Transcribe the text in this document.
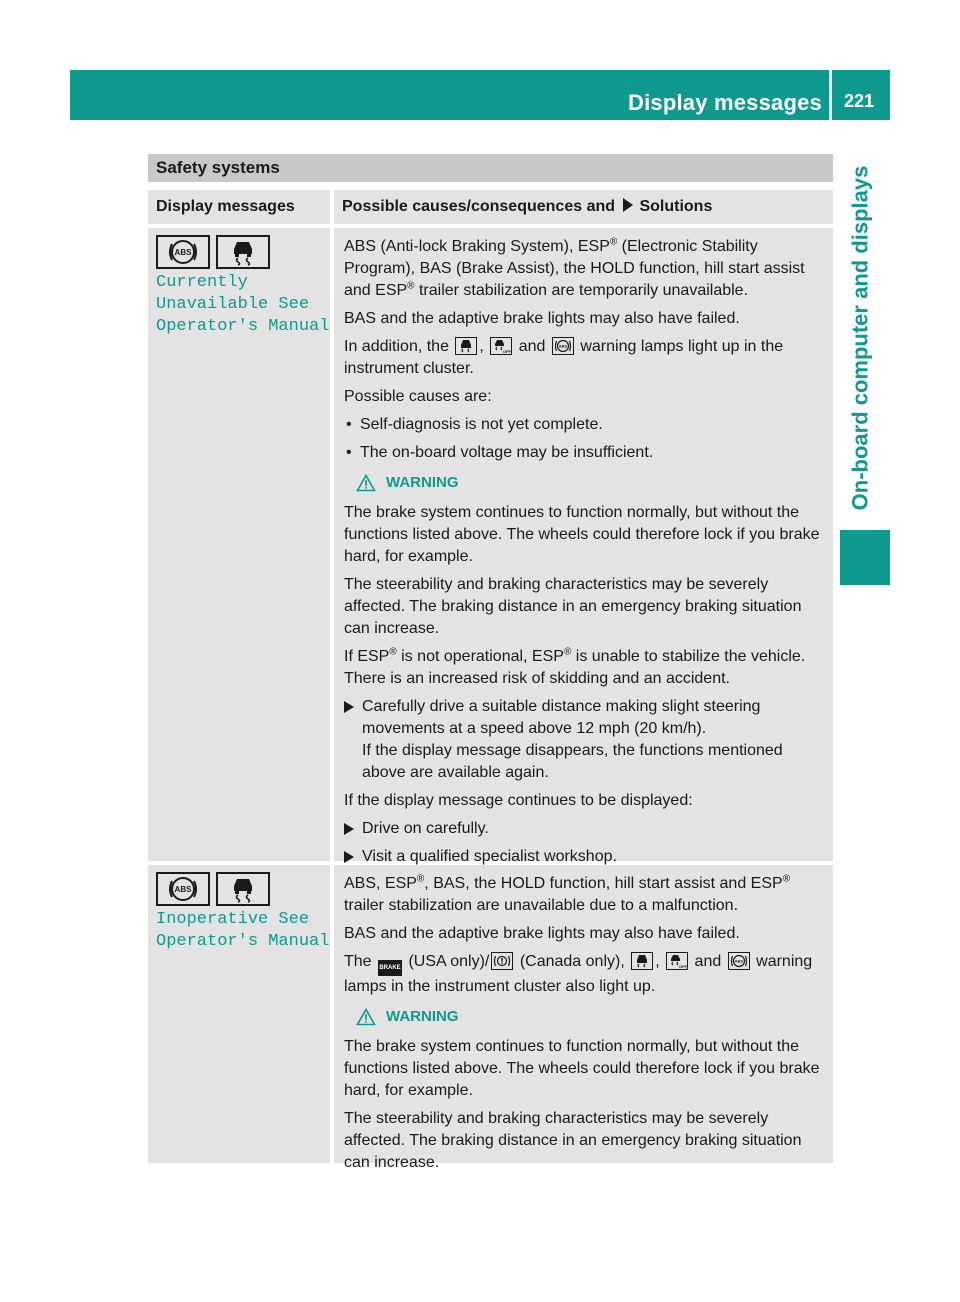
Display messages	221
On-board computer and displays
Safety systems
Display messages	Possible causes/consequences and Solutions
ABS
Currently
Unavailable See
Operator's Manual

ABS (Anti-lock Braking System), ESP® (Electronic Stability Program), BAS (Brake Assist), the HOLD function, hill start assist and ESP® trailer stabilization are temporarily unavailable.

BAS and the adaptive brake lights may also have failed.

In addition, the
,	OFF and ABS warning lamps light up in the instrument cluster.

Possible causes are:

• Self-diagnosis is not yet complete.
• The on-board voltage may be insufficient.
WARNING

The brake system continues to function normally, but without the functions listed above. The wheels could therefore lock if you brake hard, for example.

The steerability and braking characteristics may be severely affected. The braking distance in an emergency braking situation can increase.

If ESP® is not operational, ESP® is unable to stabilize the vehicle. There is an increased risk of skidding and an accident.

Carefully drive a suitable distance making slight steering movements at a speed above 12 mph (20 km/h).
If the display message disappears, the functions mentioned above are available again.

If the display message continues to be displayed:

Drive on carefully.
Visit a qualified specialist workshop.
ABS
Inoperative See
Operator's Manual

ABS, ESP®, BAS, the HOLD function, hill start assist and ESP® trailer stabilization are unavailable due to a malfunction.

BAS and the adaptive brake lights may also have failed.

The BRAKE (USA only)/
(Canada only),
,	OFF and ABS warning lamps in the instrument cluster also light up.

WARNING

The brake system continues to function normally, but without the functions listed above. The wheels could therefore lock if you brake hard, for example.

The steerability and braking characteristics may be severely affected. The braking distance in an emergency braking situation can increase.
